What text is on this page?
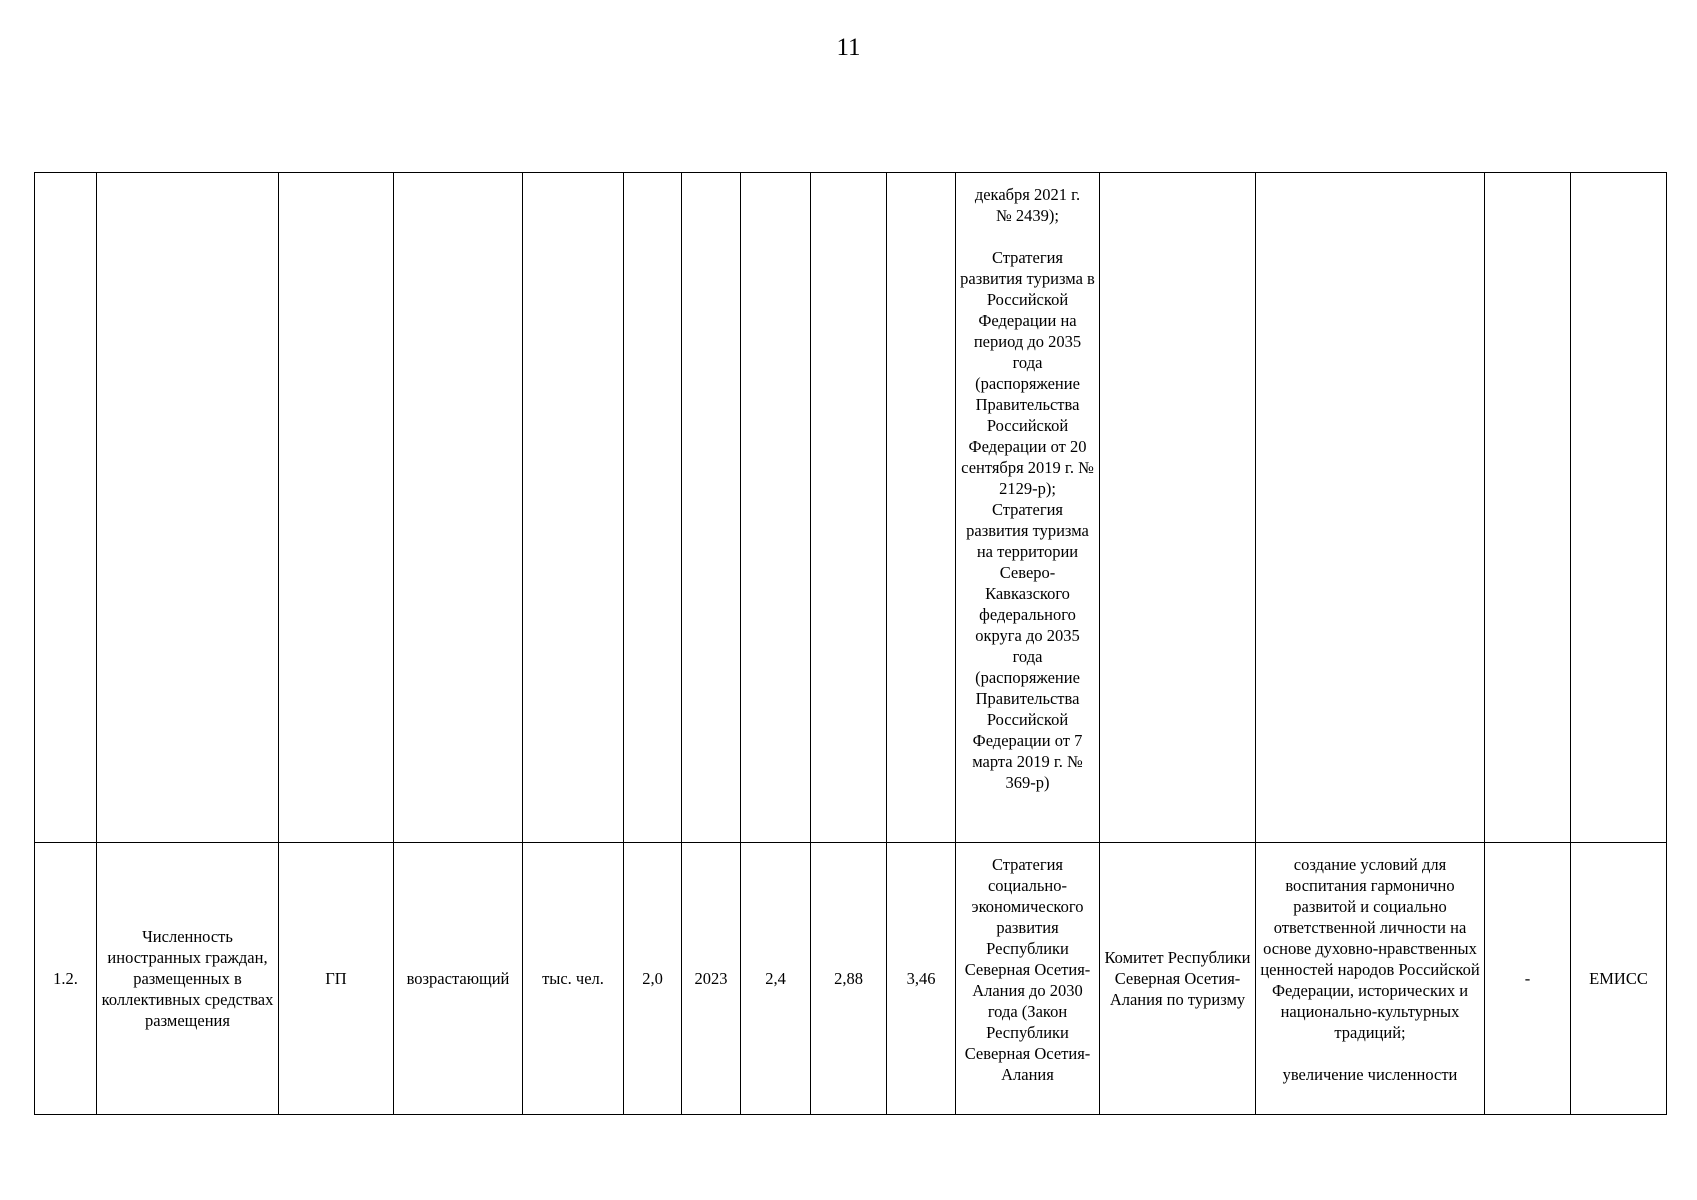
11

										декабря 2021 г.
№ 2439);

Стратегия развития туризма в Российской Федерации на период до 2035 года (распоряжение Правительства Российской Федерации от 20 сентября 2019 г. № 2129-р);
Стратегия развития туризма на территории Северо-Кавказского федерального округа до 2035 года (распоряжение Правительства Российской Федерации от 7 марта 2019 г. № 369-р)				

1.2.	Численность иностранных граждан, размещенных в коллективных средствах размещения	ГП	возрастающий	тыс. чел.	2,0	2023	2,4	2,88	3,46	Стратегия социально-экономического развития Республики Северная Осетия-Алания до 2030 года (Закон Республики Северная Осетия-Алания	Комитет Республики Северная Осетия-Алания по туризму	создание условий для воспитания гармонично развитой и социально ответственной личности на основе духовно-нравственных ценностей народов Российской Федерации, исторических и национально-культурных традиций;

увеличение численности	-	ЕМИСС
